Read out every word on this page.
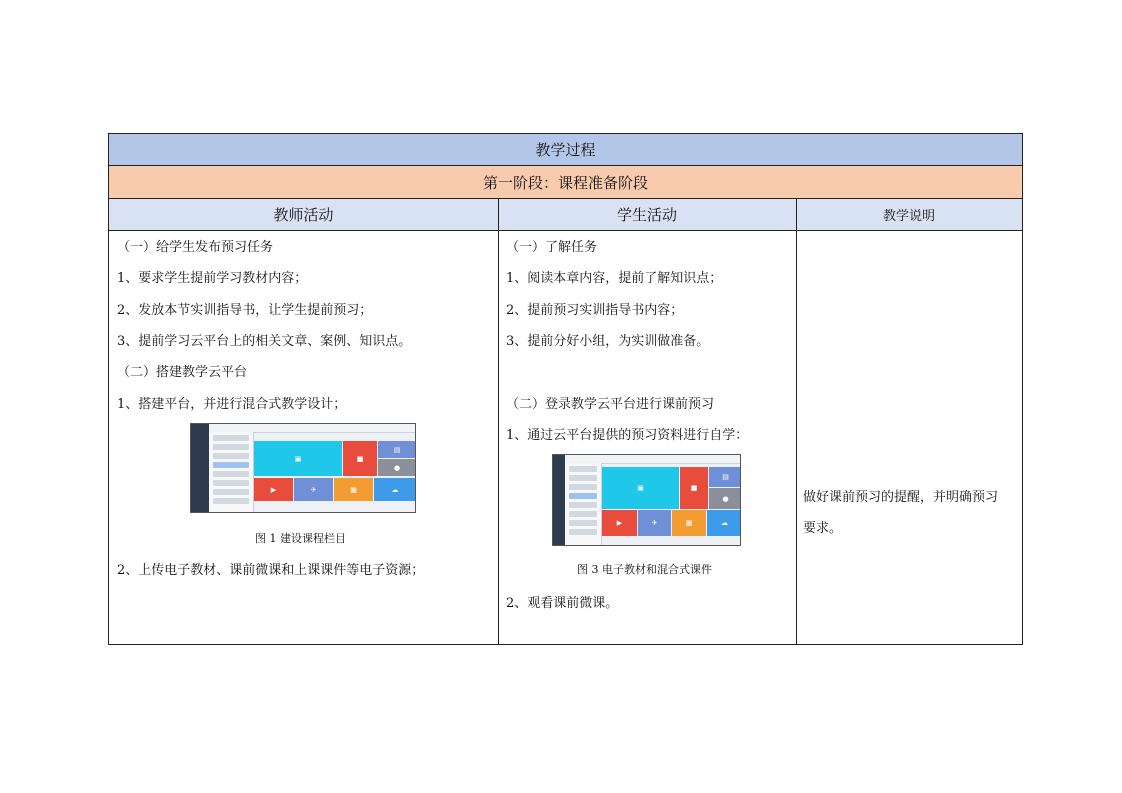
教学过程
第一阶段：课程准备阶段
教师活动	学生活动	教学说明
（一）给学生发布预习任务
1、要求学生提前学习教材内容；
2、发放本节实训指导书，让学生提前预习；
3、提前学习云平台上的相关文章、案例、知识点。
（二）搭建教学云平台
1、搭建平台，并进行混合式教学设计；
▣	■
▤
●
▶	✈	▦	☁
图 1 建设课程栏目
2、上传电子教材、课前微课和上课课件等电子资源；
（一）了解任务
1、阅读本章内容，提前了解知识点；
2、提前预习实训指导书内容；
3、提前分好小组，为实训做准备。
（二）登录教学云平台进行课前预习
1、通过云平台提供的预习资料进行自学：
▣	■
▤
●
▶	✈	▦	☁
图 3 电子教材和混合式课件
2、观看课前微课。
做好课前预习的提醒，并明确预习
要求。
